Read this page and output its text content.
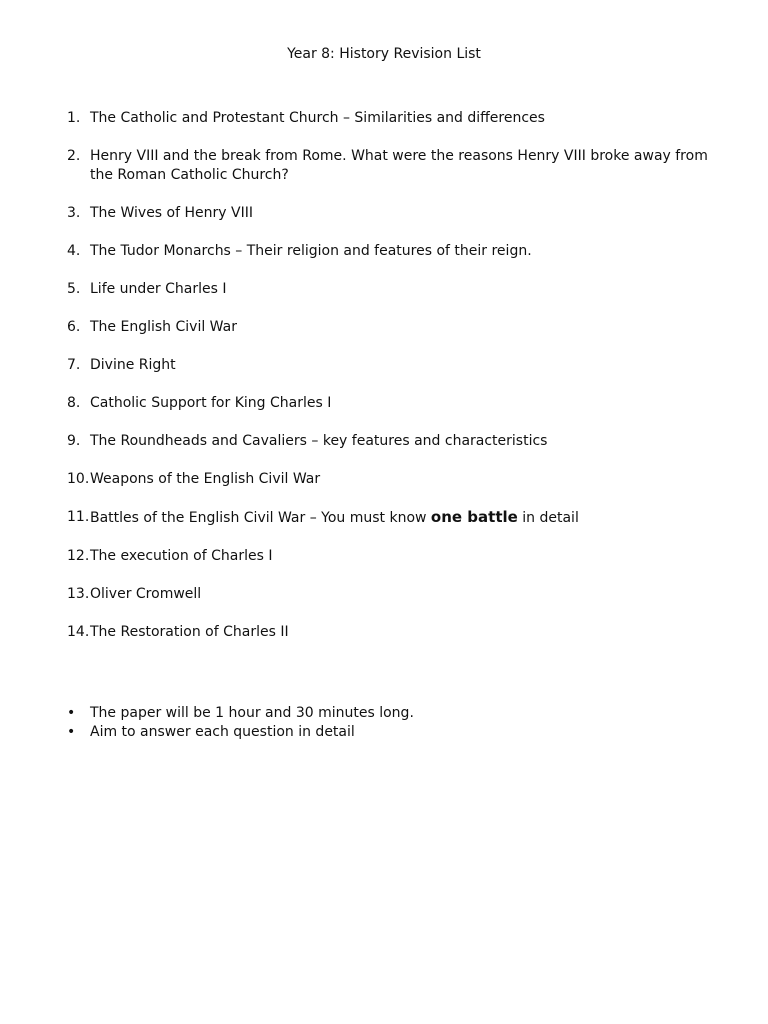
Year 8: History Revision List
1. The Catholic and Protestant Church – Similarities and differences
2. Henry VIII and the break from Rome. What were the reasons Henry VIII broke away from the Roman Catholic Church?
3. The Wives of Henry VIII
4. The Tudor Monarchs – Their religion and features of their reign.
5. Life under Charles I
6. The English Civil War
7. Divine Right
8. Catholic Support for King Charles I
9. The Roundheads and Cavaliers – key features and characteristics
10. Weapons of the English Civil War
11. Battles of the English Civil War – You must know one battle in detail
12. The execution of Charles I
13. Oliver Cromwell
14. The Restoration of Charles II
• The paper will be 1 hour and 30 minutes long.
• Aim to answer each question in detail
